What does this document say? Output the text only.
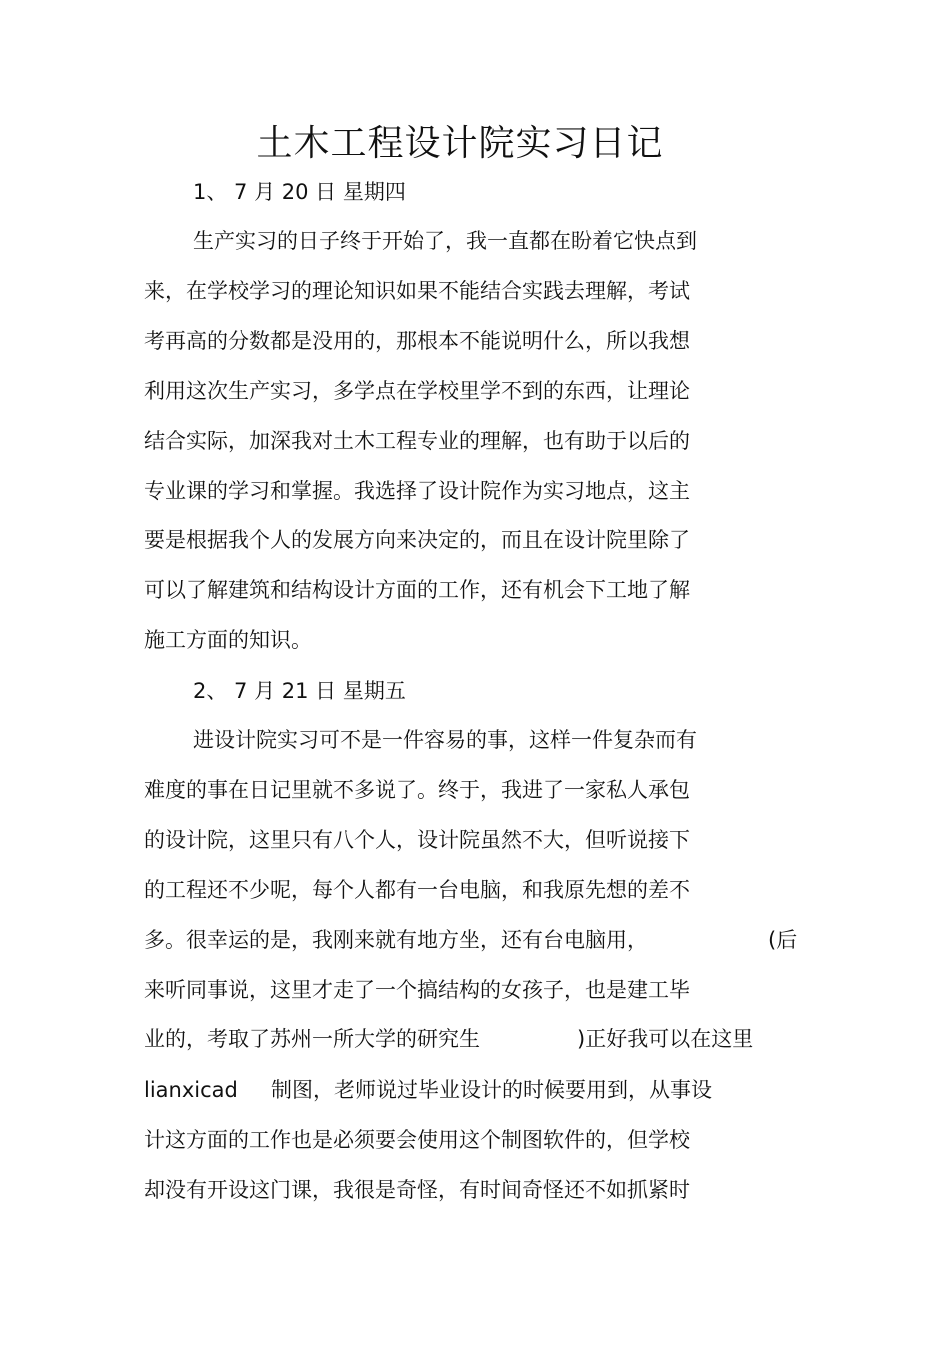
土木工程设计院实习日记
1、 7 月 20 日 星期四
生产实习的日子终于开始了，我一直都在盼着它快点到
来，在学校学习的理论知识如果不能结合实践去理解，考试
考再高的分数都是没用的，那根本不能说明什么，所以我想
利用这次生产实习，多学点在学校里学不到的东西，让理论
结合实际，加深我对土木工程专业的理解，也有助于以后的
专业课的学习和掌握。我选择了设计院作为实习地点，这主
要是根据我个人的发展方向来决定的，而且在设计院里除了
可以了解建筑和结构设计方面的工作，还有机会下工地了解
施工方面的知识。
2、 7 月 21 日 星期五
进设计院实习可不是一件容易的事，这样一件复杂而有
难度的事在日记里就不多说了。终于，我进了一家私人承包
的设计院，这里只有八个人，设计院虽然不大，但听说接下
的工程还不少呢，每个人都有一台电脑，和我原先想的差不
多。很幸运的是，我刚来就有地方坐，还有台电脑用，	(后
来听同事说，这里才走了一个搞结构的女孩子，也是建工毕
业的，考取了苏州一所大学的研究生	)正好我可以在这里
lianxicad 制图，老师说过毕业设计的时候要用到，从事设
计这方面的工作也是必须要会使用这个制图软件的，但学校
却没有开设这门课，我很是奇怪，有时间奇怪还不如抓紧时
